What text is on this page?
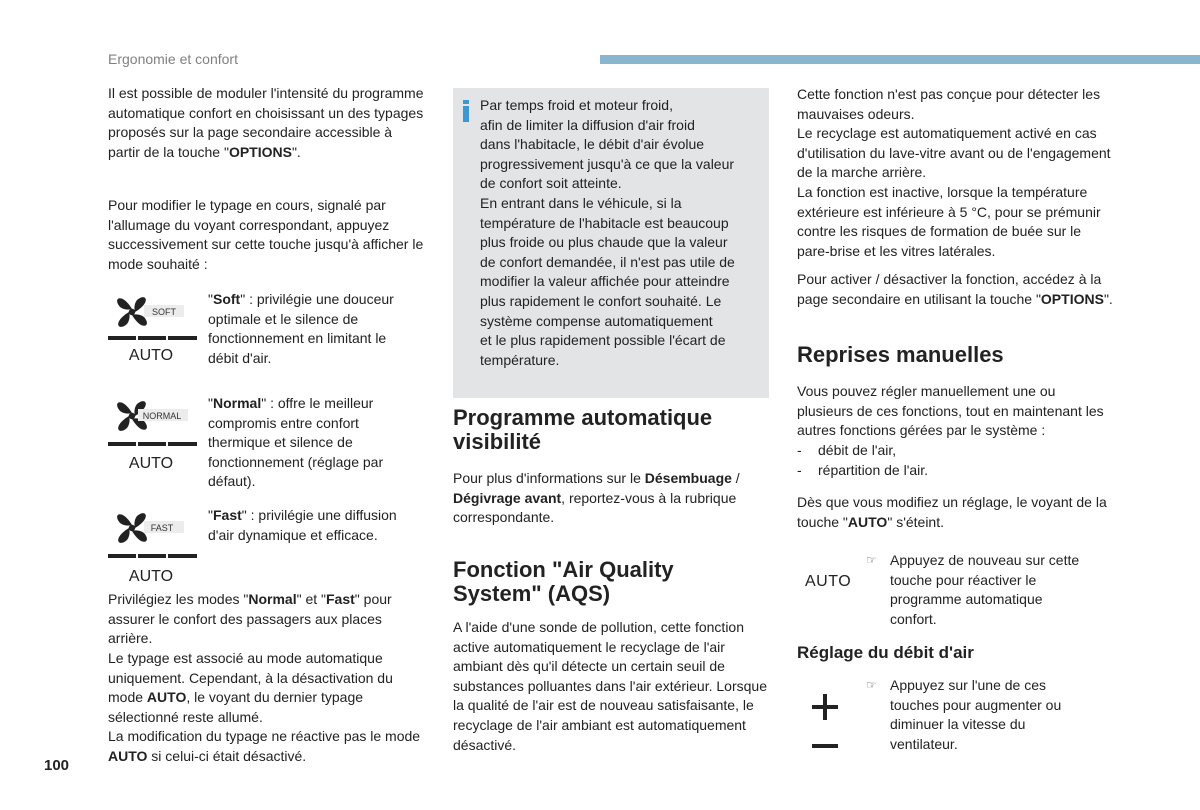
Ergonomie et confort
100

Il est possible de moduler l'intensité du programme automatique confort en choisissant un des typages proposés sur la page secondaire accessible à partir de la touche "OPTIONS".

Pour modifier le typage en cours, signalé par l'allumage du voyant correspondant, appuyez successivement sur cette touche jusqu'à afficher le mode souhaité :

SOFT
AUTO

"Soft" : privilégie une douceur optimale et le silence de fonctionnement en limitant le débit d'air.

NORMAL
AUTO

"Normal" : offre le meilleur compromis entre confort thermique et silence de fonctionnement (réglage par défaut).

FAST
AUTO

"Fast" : privilégie une diffusion d'air dynamique et efficace.

Privilégiez les modes "Normal" et "Fast" pour assurer le confort des passagers aux places arrière.

Le typage est associé au mode automatique uniquement. Cependant, à la désactivation du mode AUTO, le voyant du dernier typage sélectionné reste allumé.

La modification du typage ne réactive pas le mode AUTO si celui-ci était désactivé.

Par temps froid et moteur froid,
afin de limiter la diffusion d'air froid
dans l'habitacle, le débit d'air évolue
progressivement jusqu'à ce que la valeur
de confort soit atteinte.
En entrant dans le véhicule, si la
température de l'habitacle est beaucoup
plus froide ou plus chaude que la valeur
de confort demandée, il n'est pas utile de
modifier la valeur affichée pour atteindre
plus rapidement le confort souhaité. Le
système compense automatiquement
et le plus rapidement possible l'écart de
température.
Programme automatique visibilité

Pour plus d'informations sur le Désembuage / Dégivrage avant, reportez-vous à la rubrique correspondante.

Fonction "Air Quality System" (AQS)

A l'aide d'une sonde de pollution, cette fonction active automatiquement le recyclage de l'air ambiant dès qu'il détecte un certain seuil de substances polluantes dans l'air extérieur. Lorsque la qualité de l'air est de nouveau satisfaisante, le recyclage de l'air ambiant est automatiquement désactivé.

Cette fonction n'est pas conçue pour détecter les mauvaises odeurs.

Le recyclage est automatiquement activé en cas d'utilisation du lave-vitre avant ou de l'engagement de la marche arrière.

La fonction est inactive, lorsque la température extérieure est inférieure à 5 °C, pour se prémunir contre les risques de formation de buée sur le pare-brise et les vitres latérales.

Pour activer / désactiver la fonction, accédez à la page secondaire en utilisant la touche "OPTIONS".

Reprises manuelles

Vous pouvez régler manuellement une ou plusieurs de ces fonctions, tout en maintenant les autres fonctions gérées par le système :

- débit de l'air,
- répartition de l'air.

Dès que vous modifiez un réglage, le voyant de la touche "AUTO" s'éteint.

AUTO
☞ Appuyez de nouveau sur cette touche pour réactiver le programme automatique confort.
Réglage du débit d'air
☞ Appuyez sur l'une de ces touches pour augmenter ou diminuer la vitesse du ventilateur.
